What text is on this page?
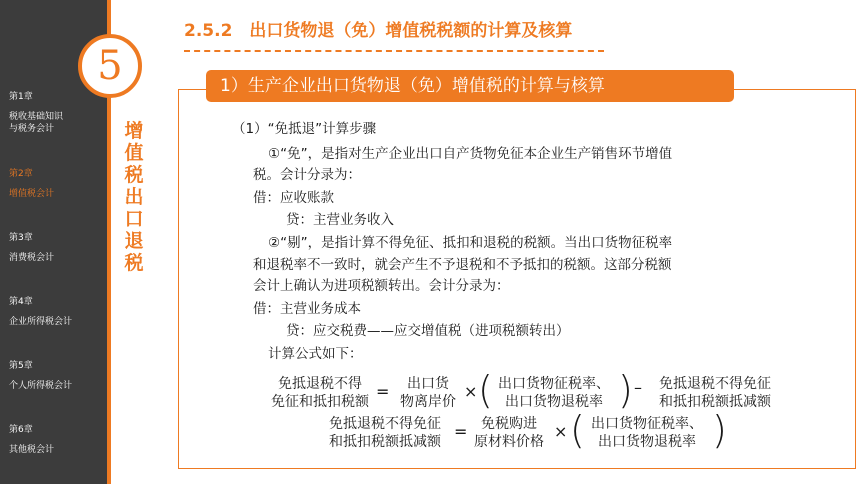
5
第1章
税收基础知识
与税务会计
第2章
增值税会计
第3章
消费税会计
第4章
企业所得税会计
第5章
个人所得税会计
第6章
其他税会计
增值税出口退税
2.5.2　出口货物退（免）增值税税额的计算及核算
1）生产企业出口货物退（免）增值税的计算与核算
（1）“免抵退”计算步骤
①“免”，是指对生产企业出口自产货物免征本企业生产销售环节增值
税。会计分录为：
借：应收账款
贷：主营业务收入
②“剔”，是指计算不得免征、抵扣和退税的税额。当出口货物征税率
和退税率不一致时，就会产生不予退税和不予抵扣的税额。这部分税额
会计上确认为进项税额转出。会计分录为：
借：主营业务成本
贷：应交税费——应交增值税（进项税额转出）
计算公式如下：
免抵退税不得
免征和抵扣税额
=	出口货
物离岸价
× ( 出口货物征税率、
出口货物退税率 ) –	免抵退税不得免征
和抵扣税额抵减额
免抵退税不得免征
和抵扣税额抵减额
= 免税购进
原材料价格
× ( 出口货物征税率、
出口货物退税率 )
